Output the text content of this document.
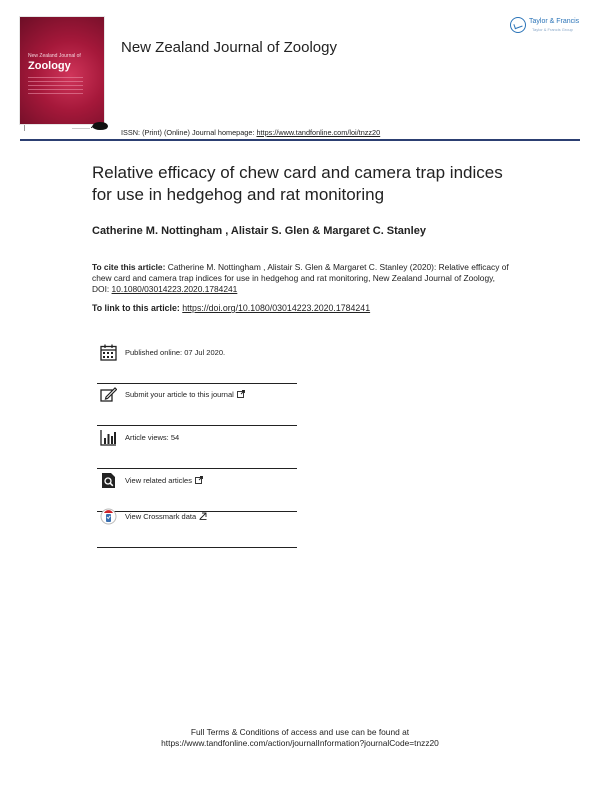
New Zealand Journal of
Zoology
New Zealand Journal of Zoology
Taylor & Francis
Taylor & Francis Group
ISSN: (Print) (Online) Journal homepage: https://www.tandfonline.com/loi/tnzz20
Relative efficacy of chew card and camera trap indices for use in hedgehog and rat monitoring
Catherine M. Nottingham , Alistair S. Glen & Margaret C. Stanley
To cite this article: Catherine M. Nottingham , Alistair S. Glen & Margaret C. Stanley (2020): Relative efficacy of chew card and camera trap indices for use in hedgehog and rat monitoring, New Zealand Journal of Zoology, DOI: 10.1080/03014223.2020.1784241
To link to this article: https://doi.org/10.1080/03014223.2020.1784241
Published online: 07 Jul 2020.
Submit your article to this journal
Article views: 54
View related articles
View Crossmark data
Full Terms & Conditions of access and use can be found at
https://www.tandfonline.com/action/journalInformation?journalCode=tnzz20
